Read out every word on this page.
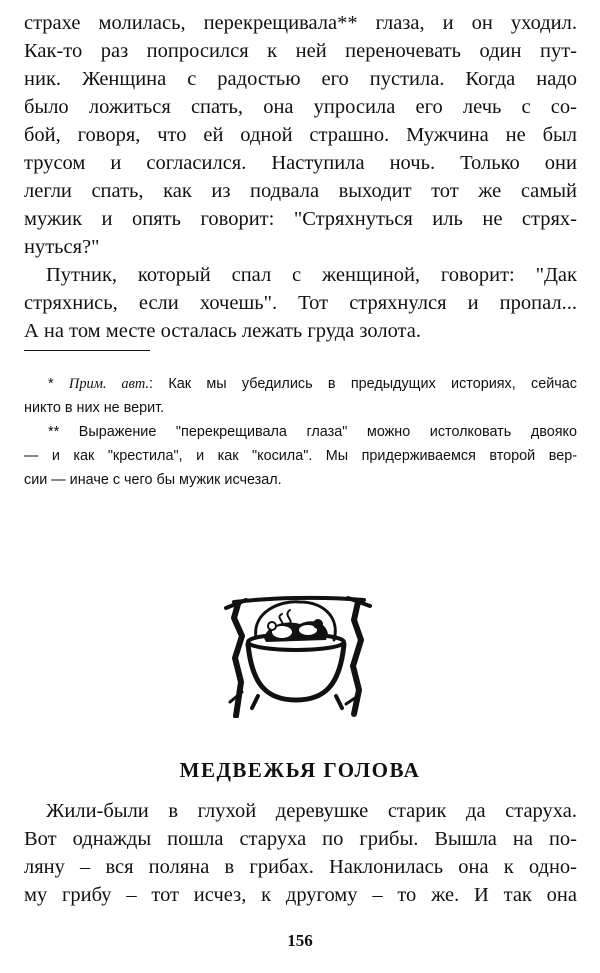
страхе молилась, перекрещивала** глаза, и он уходил.
Как-то раз попросился к ней переночевать один пут-
ник. Женщина с радостью его пустила. Когда надо
было ложиться спать, она упросила его лечь с со-
бой, говоря, что ей одной страшно. Мужчина не был
трусом и согласился. Наступила ночь. Только они
легли спать, как из подвала выходит тот же самый
мужик и опять говорит: "Стряхнуться иль не стрях-
нуться?"
Путник, который спал с женщиной, говорит: "Дак
стряхнись, если хочешь". Тот стряхнулся и пропал...
А на том месте осталась лежать груда золота.
* Прим. авт.: Как мы убедились в предыдущих историях, сейчас
никто в них не верит.
** Выражение "перекрещивала глаза" можно истолковать двояко
— и как "крестила", и как "косила". Мы придерживаемся второй вер-
сии — иначе с чего бы мужик исчезал.
МЕДВЕЖЬЯ ГОЛОВА
Жили-были в глухой деревушке старик да старуха.
Вот однажды пошла старуха по грибы. Вышла на по-
ляну – вся поляна в грибах. Наклонилась она к одно-
му грибу – тот исчез, к другому – то же. И так она
156
